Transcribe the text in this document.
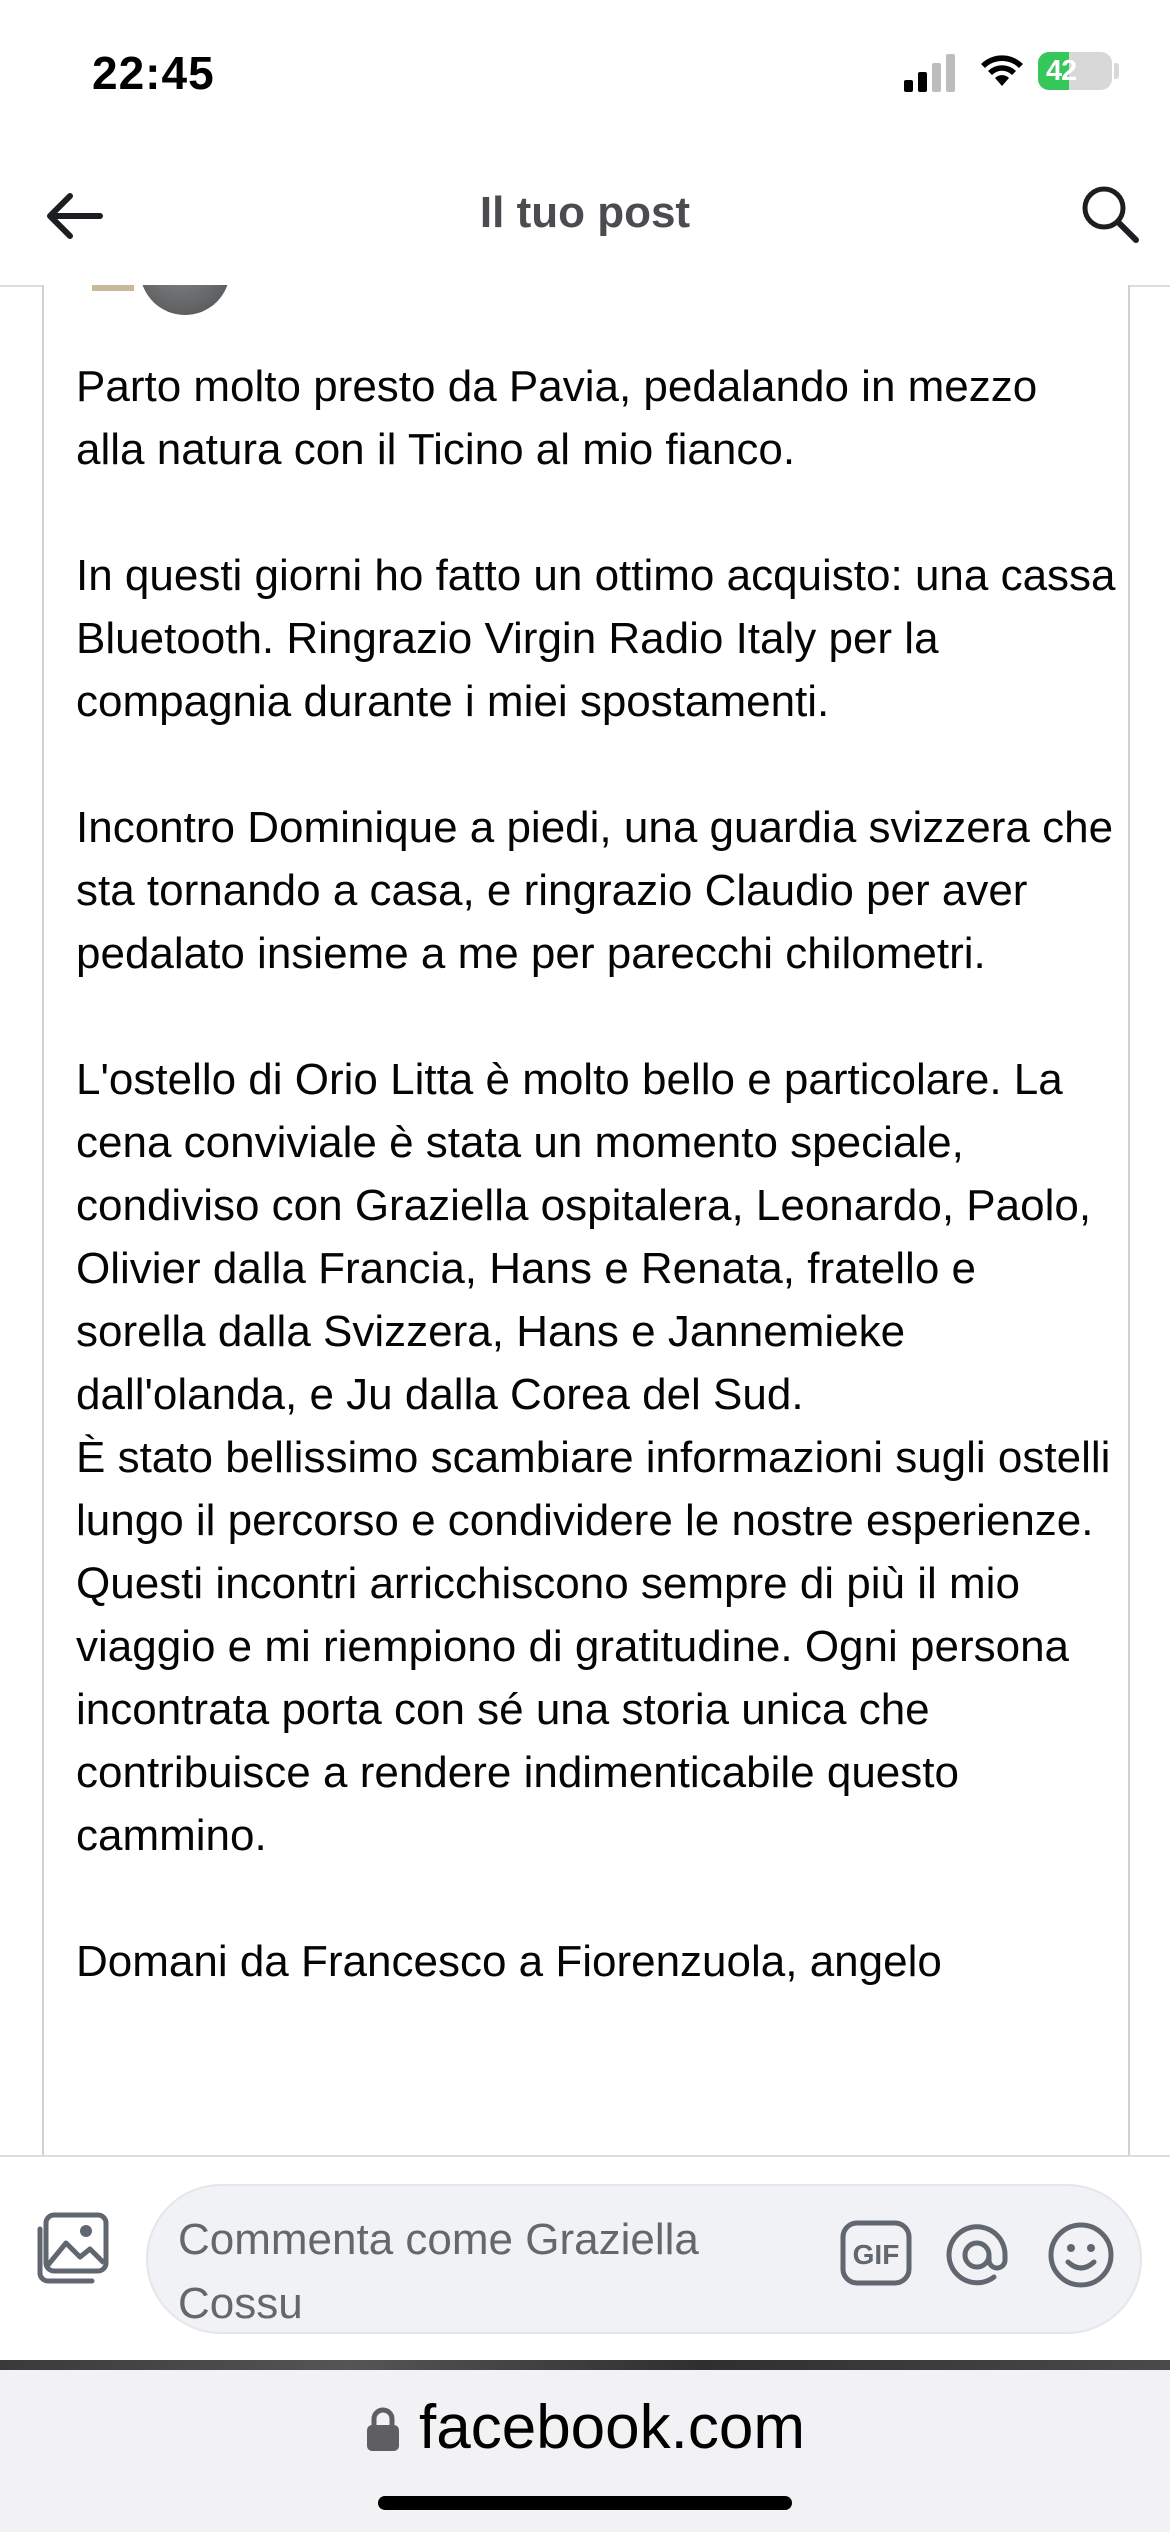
22:45	42
Il tuo post

Parto molto presto da Pavia, pedalando in mezzo alla natura con il Ticino al mio fianco.

In questi giorni ho fatto un ottimo acquisto: una cassa Bluetooth. Ringrazio Virgin Radio Italy per la compagnia durante i miei spostamenti.

Incontro Dominique a piedi, una guardia svizzera che sta tornando a casa, e ringrazio Claudio per aver pedalato insieme a me per parecchi chilometri.

L'ostello di Orio Litta è molto bello e particolare. La cena conviviale è stata un momento speciale, condiviso con Graziella ospitalera, Leonardo, Paolo, Olivier dalla Francia, Hans e Renata, fratello e sorella dalla Svizzera, Hans e Jannemieke dall'olanda, e Ju dalla Corea del Sud.

È stato bellissimo scambiare informazioni sugli ostelli lungo il percorso e condividere le nostre esperienze.

Questi incontri arricchiscono sempre di più il mio viaggio e mi riempiono di gratitudine. Ogni persona incontrata porta con sé una storia unica che contribuisce a rendere indimenticabile questo cammino.

Domani da Francesco a Fiorenzuola, angelo

Commenta come Graziella Cossu
GIF
facebook.com
